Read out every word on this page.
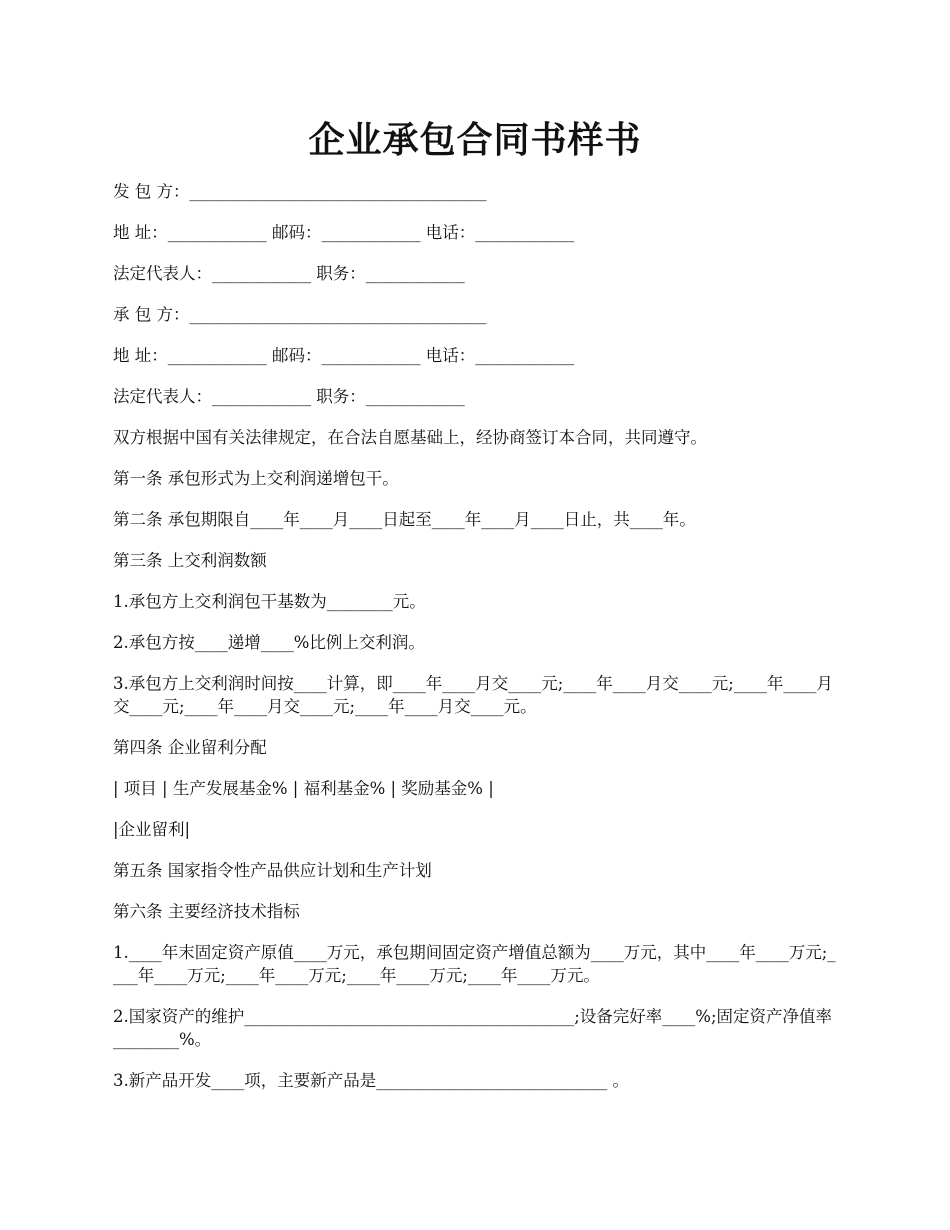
企业承包合同书样书

发 包 方：____________________________________

地 址：____________ 邮码：____________ 电话：____________

法定代表人：____________ 职务：____________

承 包 方：____________________________________

地 址：____________ 邮码：____________ 电话：____________

法定代表人：____________ 职务：____________

双方根据中国有关法律规定，在合法自愿基础上，经协商签订本合同，共同遵守。

第一条 承包形式为上交利润递增包干。

第二条 承包期限自____年____月____日起至____年____月____日止，共____年。

第三条 上交利润数额

1.承包方上交利润包干基数为________元。

2.承包方按____递增____%比例上交利润。

3.承包方上交利润时间按____计算，即____年____月交____元;____年____月交____元;____年____月交____元;____年____月交____元;____年____月交____元。

第四条 企业留利分配

| 项目 | 生产发展基金% | 福利基金% | 奖励基金% |

|企业留利|

第五条 国家指令性产品供应计划和生产计划

第六条 主要经济技术指标

1.____年末固定资产原值____万元，承包期间固定资产增值总额为____万元，其中____年____万元;____年____万元;____年____万元;____年____万元;____年____万元。

2.国家资产的维护________________________________________;设备完好率____%;固定资产净值率________%。

3.新产品开发____项，主要新产品是____________________________ 。
